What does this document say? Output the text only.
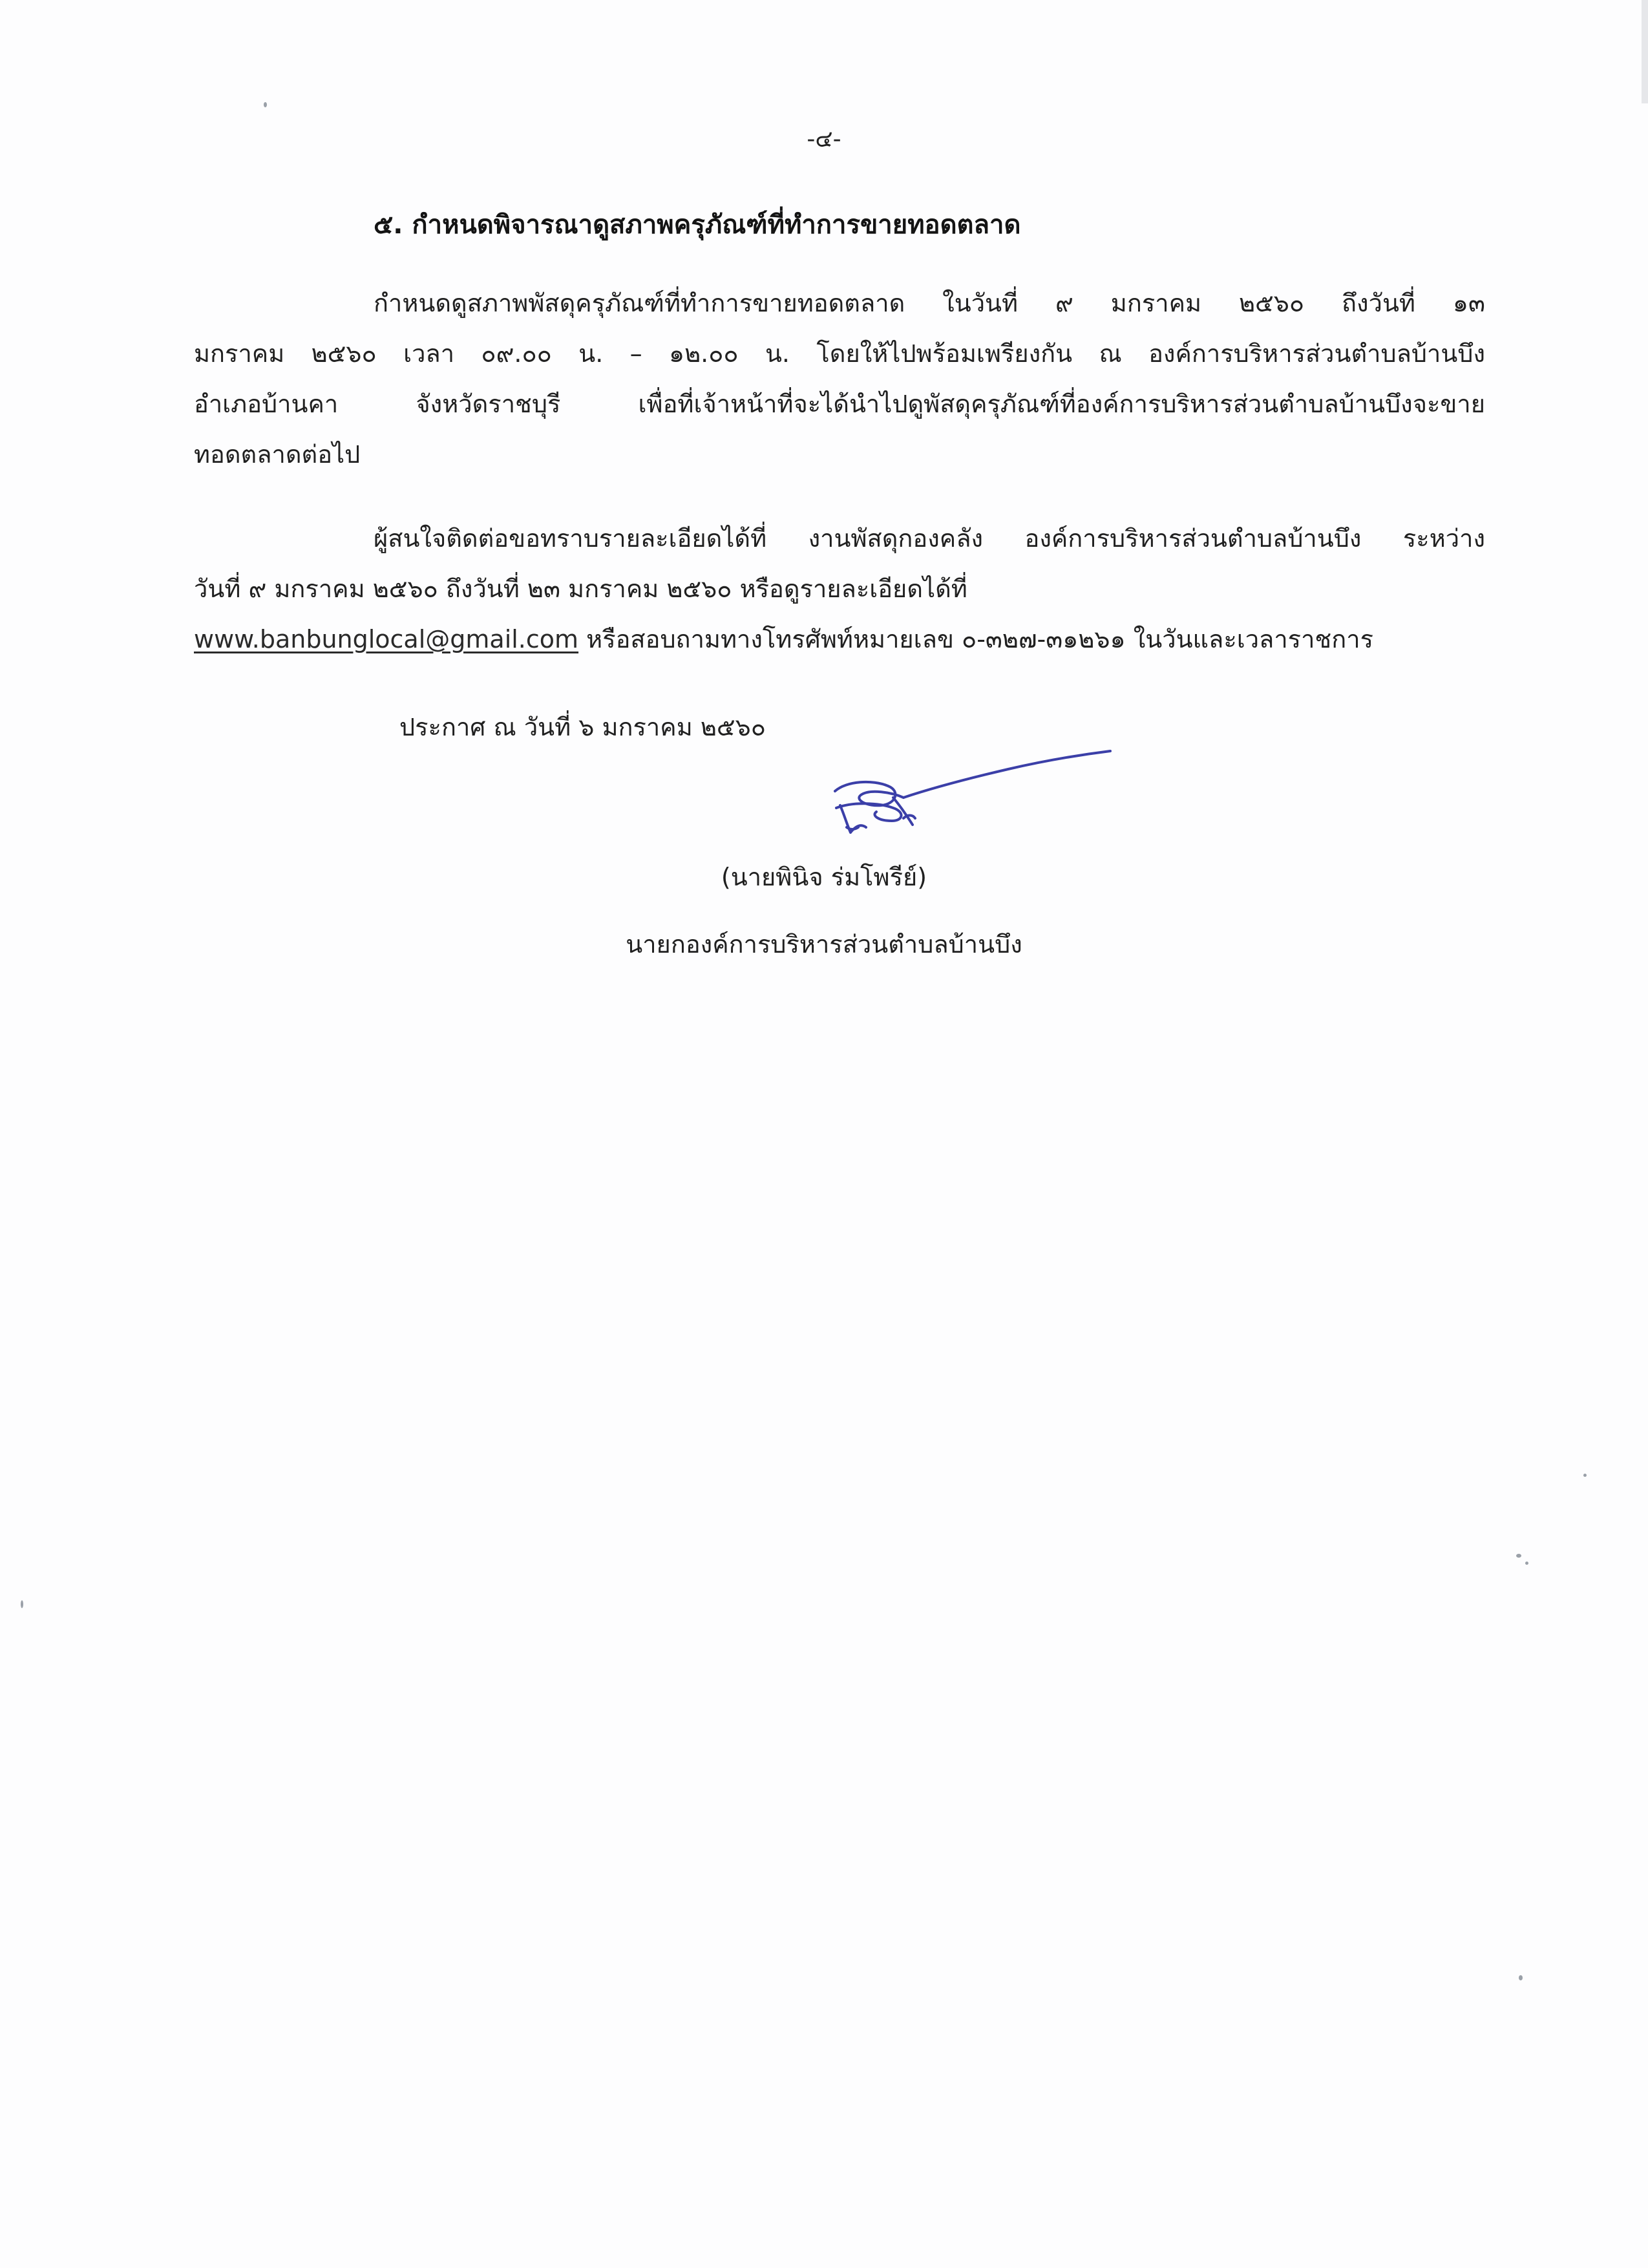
-๔-
๕. กำหนดพิจารณาดูสภาพครุภัณฑ์ที่ทำการขายทอดตลาด
กำหนดดูสภาพพัสดุครุภัณฑ์ที่ทำการขายทอดตลาด ในวันที่ ๙ มกราคม ๒๕๖๐ ถึงวันที่ ๑๓
มกราคม ๒๕๖๐ เวลา ๐๙.๐๐ น. – ๑๒.๐๐ น. โดยให้ไปพร้อมเพรียงกัน ณ องค์การบริหารส่วนตำบลบ้านบึง
อำเภอบ้านคา จังหวัดราชบุรี เพื่อที่เจ้าหน้าที่จะได้นำไปดูพัสดุครุภัณฑ์ที่องค์การบริหารส่วนตำบลบ้านบึงจะขาย
ทอดตลาดต่อไป
ผู้สนใจติดต่อขอทราบรายละเอียดได้ที่ งานพัสดุกองคลัง องค์การบริหารส่วนตำบลบ้านบึง ระหว่าง
วันที่ ๙ มกราคม ๒๕๖๐ ถึงวันที่ ๒๓ มกราคม ๒๕๖๐ หรือดูรายละเอียดได้ที่
www.banbunglocal@gmail.com หรือสอบถามทางโทรศัพท์หมายเลข ๐-๓๒๗-๓๑๒๖๑ ในวันและเวลาราชการ
ประกาศ ณ วันที่ ๖ มกราคม ๒๕๖๐
(นายพินิจ ร่มโพรีย์)
นายกองค์การบริหารส่วนตำบลบ้านบึง
